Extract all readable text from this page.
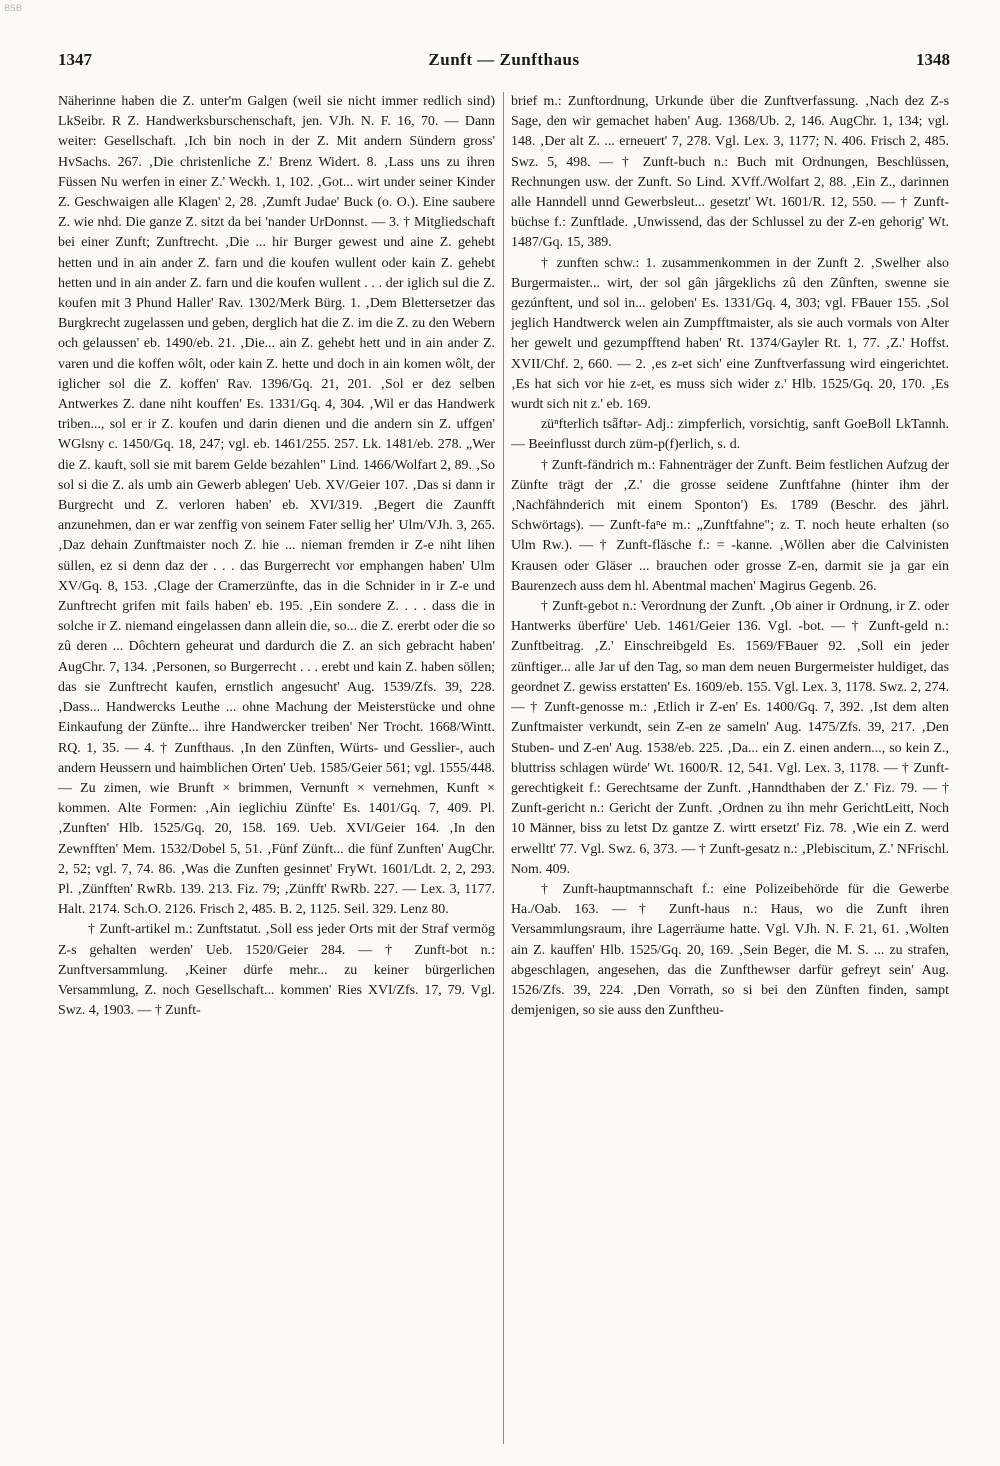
BSB
1347	Zunft — Zunfthaus	1348

Näherinne haben die Z. unter'm Galgen (weil sie nicht immer redlich sind) LkSeibr. R Z. Handwerksburschenschaft, jen. VJh. N. F. 16, 70. — Dann weiter: Gesellschaft. ‚Ich bin noch in der Z. Mit andern Sündern gross' HvSachs. 267. ‚Die christenliche Z.' Brenz Widert. 8. ‚Lass uns zu ihren Füssen Nu werfen in einer Z.' Weckh. 1, 102. ‚Got... wirt under seiner Kinder Z. Geschwaigen alle Klagen' 2, 28. ‚Zumft Judae' Buck (o. O.). Eine saubere Z. wie nhd. Die ganze Z. sitzt da bei 'nander UrDonnst. — 3. † Mitgliedschaft bei einer Zunft; Zunftrecht. ‚Die ... hir Burger gewest und aine Z. gehebt hetten und in ain ander Z. farn und die koufen wullent oder kain Z. gehebt hetten und in ain ander Z. farn und die koufen wullent . . . der iglich sul die Z. koufen mit 3 Phund Haller' Rav. 1302/Merk Bürg. 1. ‚Dem Blettersetzer das Burgkrecht zugelassen und geben, derglich hat die Z. im die Z. zu den Webern och gelaussen' eb. 1490/eb. 21. ‚Die... ain Z. gehebt hett und in ain ander Z. varen und die koffen wôlt, oder kain Z. hette und doch in ain komen wôlt, der iglicher sol die Z. koffen' Rav. 1396/Gq. 21, 201. ‚Sol er dez selben Antwerkes Z. dane niht kouffen' Es. 1331/Gq. 4, 304. ‚Wil er das Handwerk triben..., sol er ir Z. koufen und darin dienen und die andern sin Z. uffgen' WGlsny c. 1450/Gq. 18, 247; vgl. eb. 1461/255. 257. Lk. 1481/eb. 278. „Wer die Z. kauft, soll sie mit barem Gelde bezahlen" Lind. 1466/Wolfart 2, 89. ‚So sol si die Z. als umb ain Gewerb ablegen' Ueb. XV/Geier 107. ‚Das si dann ir Burgrecht und Z. verloren haben' eb. XVI/319. ‚Begert die Zaunfft anzunehmen, dan er war zenffig von seinem Fater sellig her' Ulm/VJh. 3, 265. ‚Daz dehain Zunftmaister noch Z. hie ... nieman fremden ir Z-e niht lihen süllen, ez si denn daz der . . . das Burgerrecht vor emphangen haben' Ulm XV/Gq. 8, 153. ‚Clage der Cramerzünfte, das in die Schnider in ir Z-e und Zunftrecht grifen mit fails haben' eb. 195. ‚Ein sondere Z. . . . dass die in solche ir Z. niemand eingelassen dann allein die, so... die Z. ererbt oder die so zû deren ... Dôchtern geheurat und dardurch die Z. an sich gebracht haben' AugChr. 7, 134. ‚Personen, so Burgerrecht . . . erebt und kain Z. haben söllen; das sie Zunftrecht kaufen, ernstlich angesucht' Aug. 1539/Zfs. 39, 228. ‚Dass... Handwercks Leuthe ... ohne Machung der Meisterstücke und ohne Einkaufung der Zünfte... ihre Handwercker treiben' Ner Trocht. 1668/Wintt. RQ. 1, 35. — 4. † Zunfthaus. ‚In den Zünften, Würts- und Gesslier-, auch andern Heussern und haimblichen Orten' Ueb. 1585/Geier 561; vgl. 1555/448. — Zu zimen, wie Brunft × brimmen, Vernunft × vernehmen, Kunft × kommen. Alte Formen: ‚Ain ieglichiu Zünfte' Es. 1401/Gq. 7, 409. Pl. ‚Zunften' Hlb. 1525/Gq. 20, 158. 169. Ueb. XVI/Geier 164. ‚In den Zewnfften' Mem. 1532/Dobel 5, 51. ‚Fünf Zünft... die fünf Zunften' AugChr. 2, 52; vgl. 7, 74. 86. ‚Was die Zunften gesinnet' FryWt. 1601/Ldt. 2, 2, 293. Pl. ‚Zünfften' RwRb. 139. 213. Fiz. 79; ‚Zünfft' RwRb. 227. — Lex. 3, 1177. Halt. 2174. Sch.O. 2126. Frisch 2, 485. B. 2, 1125. Seil. 329. Lenz 80.

† Zunft-artikel m.: Zunftstatut. ‚Soll ess jeder Orts mit der Straf vermög Z-s gehalten werden' Ueb. 1520/Geier 284. — † Zunft-bot n.: Zunftversammlung. ‚Keiner dürfe mehr... zu keiner bürgerlichen Versammlung, Z. noch Gesellschaft... kommen' Ries XVI/Zfs. 17, 79. Vgl. Swz. 4, 1903. — † Zunft-

brief m.: Zunftordnung, Urkunde über die Zunftverfassung. ‚Nach dez Z-s Sage, den wir gemachet haben' Aug. 1368/Ub. 2, 146. AugChr. 1, 134; vgl. 148. ‚Der alt Z. ... erneuert' 7, 278. Vgl. Lex. 3, 1177; N. 406. Frisch 2, 485. Swz. 5, 498. — † Zunft-buch n.: Buch mit Ordnungen, Beschlüssen, Rechnungen usw. der Zunft. So Lind. XVff./Wolfart 2, 88. ‚Ein Z., darinnen alle Hanndell unnd Gewerbsleut... gesetzt' Wt. 1601/R. 12, 550. — † Zunft-büchse f.: Zunftlade. ‚Unwissend, das der Schlussel zu der Z-en gehorig' Wt. 1487/Gq. 15, 389.

† zunften schw.: 1. zusammenkommen in der Zunft 2. ‚Swelher also Burgermaister... wirt, der sol gân jârgeklichs zû den Zûnften, swenne sie gezúnftent, und sol in... geloben' Es. 1331/Gq. 4, 303; vgl. FBauer 155. ‚Sol jeglich Handtwerck welen ain Zumpfftmaister, als sie auch vormals von Alter her gewelt und gezumpfftend haben' Rt. 1374/Gayler Rt. 1, 77. ‚Z.' Hoffst. XVII/Chf. 2, 660. — 2. ‚es z-et sich' eine Zunftverfassung wird eingerichtet. ‚Es hat sich vor hie z-et, es muss sich wider z.' Hlb. 1525/Gq. 20, 170. ‚Es wurdt sich nit z.' eb. 169.

züⁿfterlich tsǟftər- Adj.: zimpferlich, vorsichtig, sanft GoeBoll LkTannh. — Beeinflusst durch züm-p(f)erlich, s. d.

† Zunft-fändrich m.: Fahnenträger der Zunft. Beim festlichen Aufzug der Zünfte trägt der ‚Z.' die grosse seidene Zunftfahne (hinter ihm der ‚Nachfähnderich mit einem Sponton') Es. 1789 (Beschr. des jährl. Schwörtags). — Zunft-faⁿe m.: „Zunftfahne"; z. T. noch heute erhalten (so Ulm Rw.). — † Zunft-fläsche f.: = -kanne. ‚Wöllen aber die Calvinisten Krausen oder Gläser ... brauchen oder grosse Z-en, darmit sie ja gar ein Baurenzech auss dem hl. Abentmal machen' Magirus Gegenb. 26.

† Zunft-gebot n.: Verordnung der Zunft. ‚Ob ainer ir Ordnung, ir Z. oder Hantwerks überfüre' Ueb. 1461/Geier 136. Vgl. -bot. — † Zunft-geld n.: Zunftbeitrag. ‚Z.' Einschreibgeld Es. 1569/FBauer 92. ‚Soll ein jeder zünftiger... alle Jar uf den Tag, so man dem neuen Burgermeister huldiget, das geordnet Z. gewiss erstatten' Es. 1609/eb. 155. Vgl. Lex. 3, 1178. Swz. 2, 274. — † Zunft-genosse m.: ‚Etlich ir Z-en' Es. 1400/Gq. 7, 392. ‚Ist dem alten Zunftmaister verkundt, sein Z-en ze sameln' Aug. 1475/Zfs. 39, 217. ‚Den Stuben- und Z-en' Aug. 1538/eb. 225. ‚Da... ein Z. einen andern..., so kein Z., bluttriss schlagen würde' Wt. 1600/R. 12, 541. Vgl. Lex. 3, 1178. — † Zunft-gerechtigkeit f.: Gerechtsame der Zunft. ‚Hanndthaben der Z.' Fiz. 79. — † Zunft-gericht n.: Gericht der Zunft. ‚Ordnen zu ihn mehr GerichtLeitt, Noch 10 Männer, biss zu letst Dz gantze Z. wirtt ersetzt' Fiz. 78. ‚Wie ein Z. werd erwelltt' 77. Vgl. Swz. 6, 373. — † Zunft-gesatz n.: ‚Plebiscitum, Z.' NFrischl. Nom. 409.

† Zunft-hauptmannschaft f.: eine Polizeibehörde für die Gewerbe Ha./Oab. 163. — † Zunft-haus n.: Haus, wo die Zunft ihren Versammlungsraum, ihre Lagerräume hatte. Vgl. VJh. N. F. 21, 61. ‚Wolten ain Z. kauffen' Hlb. 1525/Gq. 20, 169. ‚Sein Beger, die M. S. ... zu strafen, abgeschlagen, angesehen, das die Zunfthewser darfür gefreyt sein' Aug. 1526/Zfs. 39, 224. ‚Den Vorrath, so si bei den Zünften finden, sampt demjenigen, so sie auss den Zunftheu-
